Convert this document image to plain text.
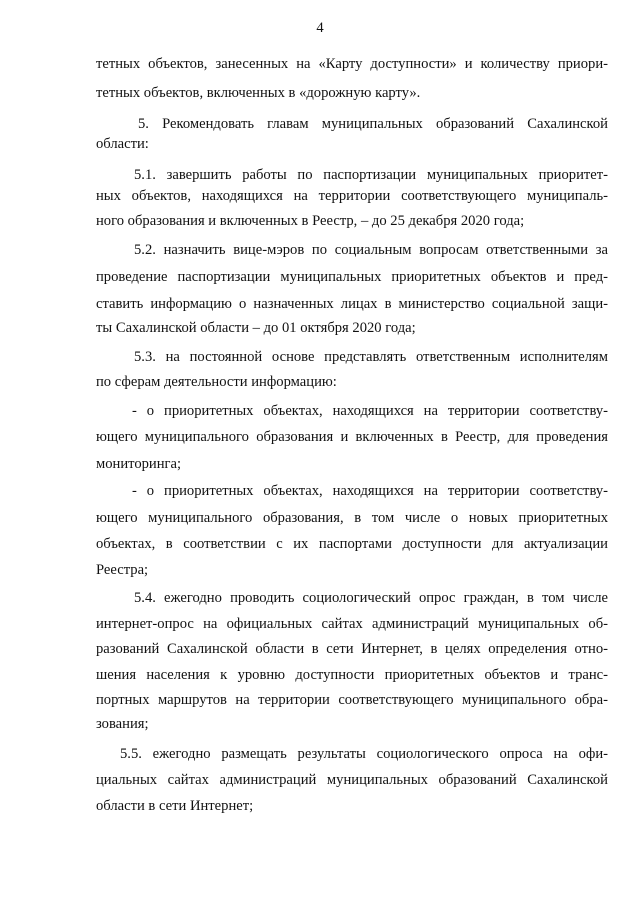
4
тетных объектов, занесенных на «Карту доступности» и количеству приори-
тетных объектов, включенных в «дорожную карту».
5. Рекомендовать главам муниципальных образований Сахалинской
области:
5.1. завершить работы по паспортизации муниципальных приоритет-
ных объектов, находящихся на территории соответствующего муниципаль-
ного образования и включенных в Реестр, – до 25 декабря 2020 года;
5.2. назначить вице-мэров по социальным вопросам ответственными за
проведение паспортизации муниципальных приоритетных объектов и пред-
ставить информацию о назначенных лицах в министерство социальной защи-
ты Сахалинской области – до 01 октября 2020 года;
5.3. на постоянной основе представлять ответственным исполнителям
по сферам деятельности информацию:
- о приоритетных объектах, находящихся на территории соответству-
ющего муниципального образования и включенных в Реестр, для проведения
мониторинга;
- о приоритетных объектах, находящихся на территории соответству-
ющего муниципального образования, в том числе о новых приоритетных
объектах, в соответствии с их паспортами доступности для актуализации
Реестра;
5.4. ежегодно проводить социологический опрос граждан, в том числе
интернет-опрос на официальных сайтах администраций муниципальных об-
разований Сахалинской области в сети Интернет, в целях определения отно-
шения населения к уровню доступности приоритетных объектов и транс-
портных маршрутов на территории соответствующего муниципального обра-
зования;
5.5. ежегодно размещать результаты социологического опроса на офи-
циальных сайтах администраций муниципальных образований Сахалинской
области в сети Интернет;
